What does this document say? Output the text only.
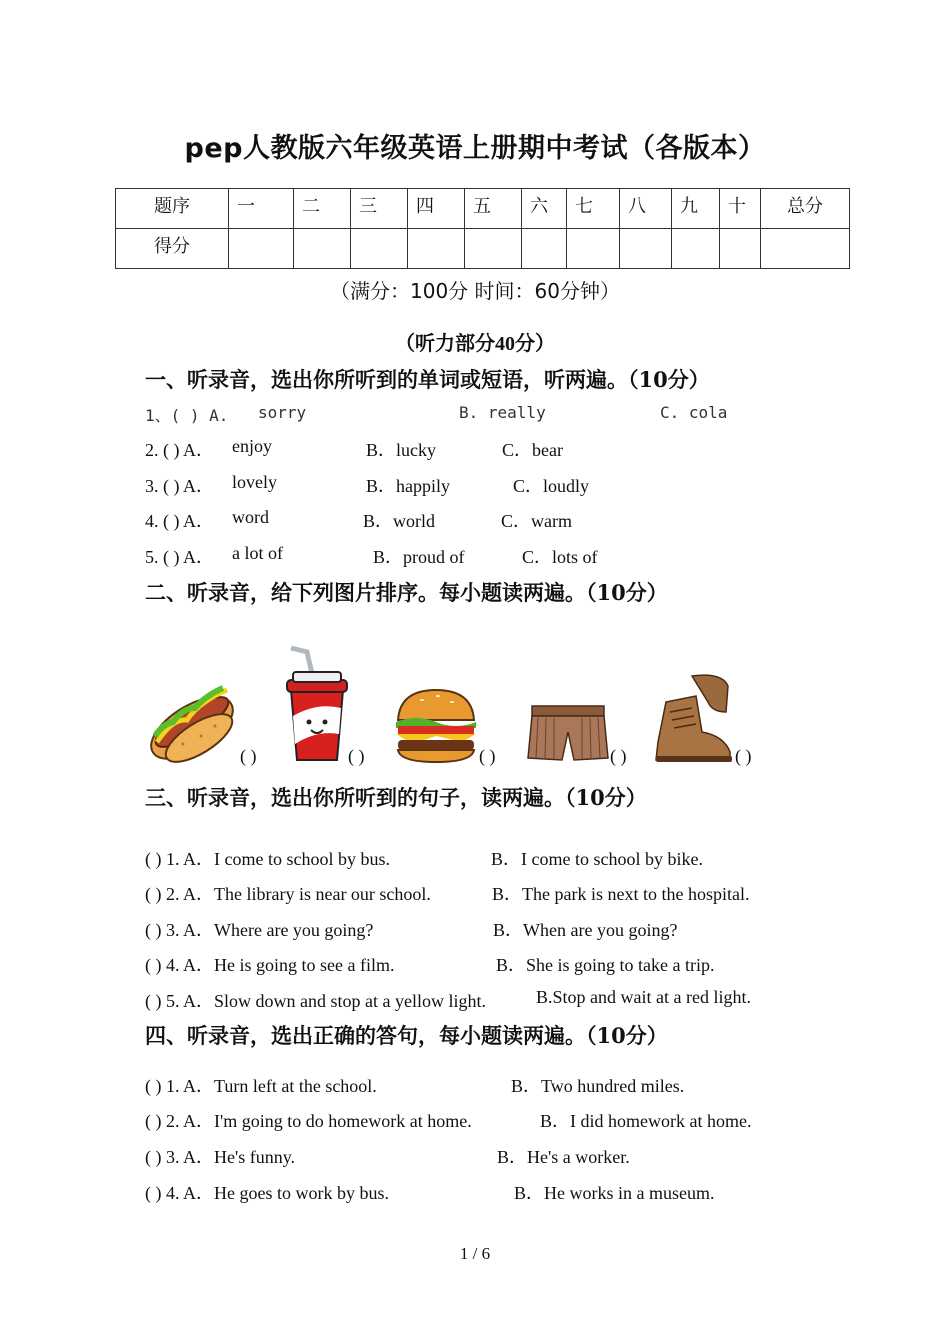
pep人教版六年级英语上册期中考试（各版本）
题序	一	二	三	四	五	六	七	八	九	十	总分
得分											
（满分：100分 时间：60分钟）
（听力部分40分）
一、听录音，选出你所听到的单词或短语，听两遍。（10分）
1、( ) A. sorry	B. really	C. cola
2. ( ) A． enjoy	B．lucky	C．bear
3. ( ) A． lovely	B．happily	C．loudly
4. ( ) A． word	B．world	C．warm
5. ( ) A． a lot of	B．proud of	C．lots of
二、听录音，给下列图片排序。每小题读两遍。（10分）
( )	( )	( )	( )	( )
三、听录音，选出你所听到的句子，读两遍。（10分）
( ) 1. A．I come to school by bus.	B．I come to school by bike.
( ) 2. A．The library is near our school.	B．The park is next to the hospital.
( ) 3. A．Where are you going?	B．When are you going?
( ) 4. A．He is going to see a film.	B．She is going to take a trip.
( ) 5. A．Slow down and stop at a yellow light.	B.Stop and wait at a red light.
四、听录音，选出正确的答句，每小题读两遍。（10分）
( ) 1. A．Turn left at the school.	B．Two hundred miles.
( ) 2. A．I'm going to do homework at home.	B．I did homework at home.
( ) 3. A．He's funny.	B．He's a worker.
( ) 4. A．He goes to work by bus.	B．He works in a museum.
1 / 6
